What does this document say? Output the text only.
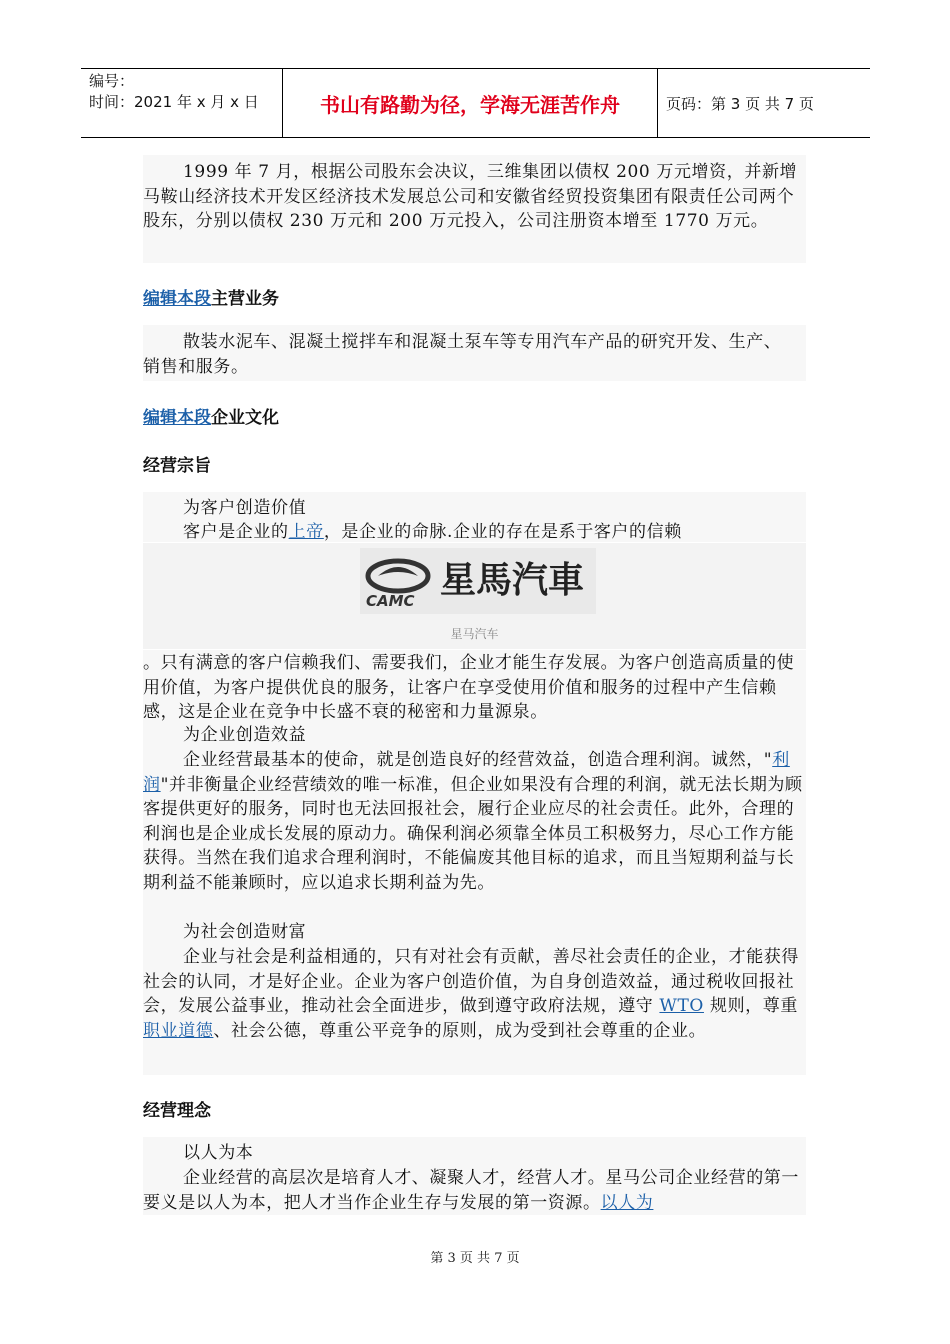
编号：
时间：2021 年 x 月 x 日	书山有路勤为径，学海无涯苦作舟	页码：第 3 页 共 7 页
1999 年 7 月，根据公司股东会决议，三维集团以债权 200 万元增资，并新增马鞍山经济技术开发区经济技术发展总公司和安徽省经贸投资集团有限责任公司两个股东，分别以债权 230 万元和 200 万元投入，公司注册资本增至 1770 万元。
编辑本段主营业务
散装水泥车、混凝土搅拌车和混凝土泵车等专用汽车产品的研究开发、生产、销售和服务。
编辑本段企业文化
经营宗旨
为客户创造价值
客户是企业的上帝，是企业的命脉.企业的存在是系于客户的信赖
CAMC 星馬汽車
星马汽车
。只有满意的客户信赖我们、需要我们，企业才能生存发展。为客户创造高质量的使用价值，为客户提供优良的服务，让客户在享受使用价值和服务的过程中产生信赖感，这是企业在竞争中长盛不衰的秘密和力量源泉。
为企业创造效益
企业经营最基本的使命，就是创造良好的经营效益，创造合理利润。诚然，"利润"并非衡量企业经营绩效的唯一标准，但企业如果没有合理的利润，就无法长期为顾客提供更好的服务，同时也无法回报社会，履行企业应尽的社会责任。此外，合理的利润也是企业成长发展的原动力。确保利润必须靠全体员工积极努力，尽心工作方能获得。当然在我们追求合理利润时，不能偏废其他目标的追求，而且当短期利益与长期利益不能兼顾时，应以追求长期利益为先。
为社会创造财富
企业与社会是利益相通的，只有对社会有贡献，善尽社会责任的企业，才能获得社会的认同，才是好企业。企业为客户创造价值，为自身创造效益，通过税收回报社会，发展公益事业，推动社会全面进步，做到遵守政府法规，遵守 WTO 规则，尊重职业道德、社会公德，尊重公平竞争的原则，成为受到社会尊重的企业。
经营理念
以人为本
企业经营的高层次是培育人才、凝聚人才，经营人才。星马公司企业经营的第一要义是以人为本，把人才当作企业生存与发展的第一资源。以人为
第 3 页 共 7 页
